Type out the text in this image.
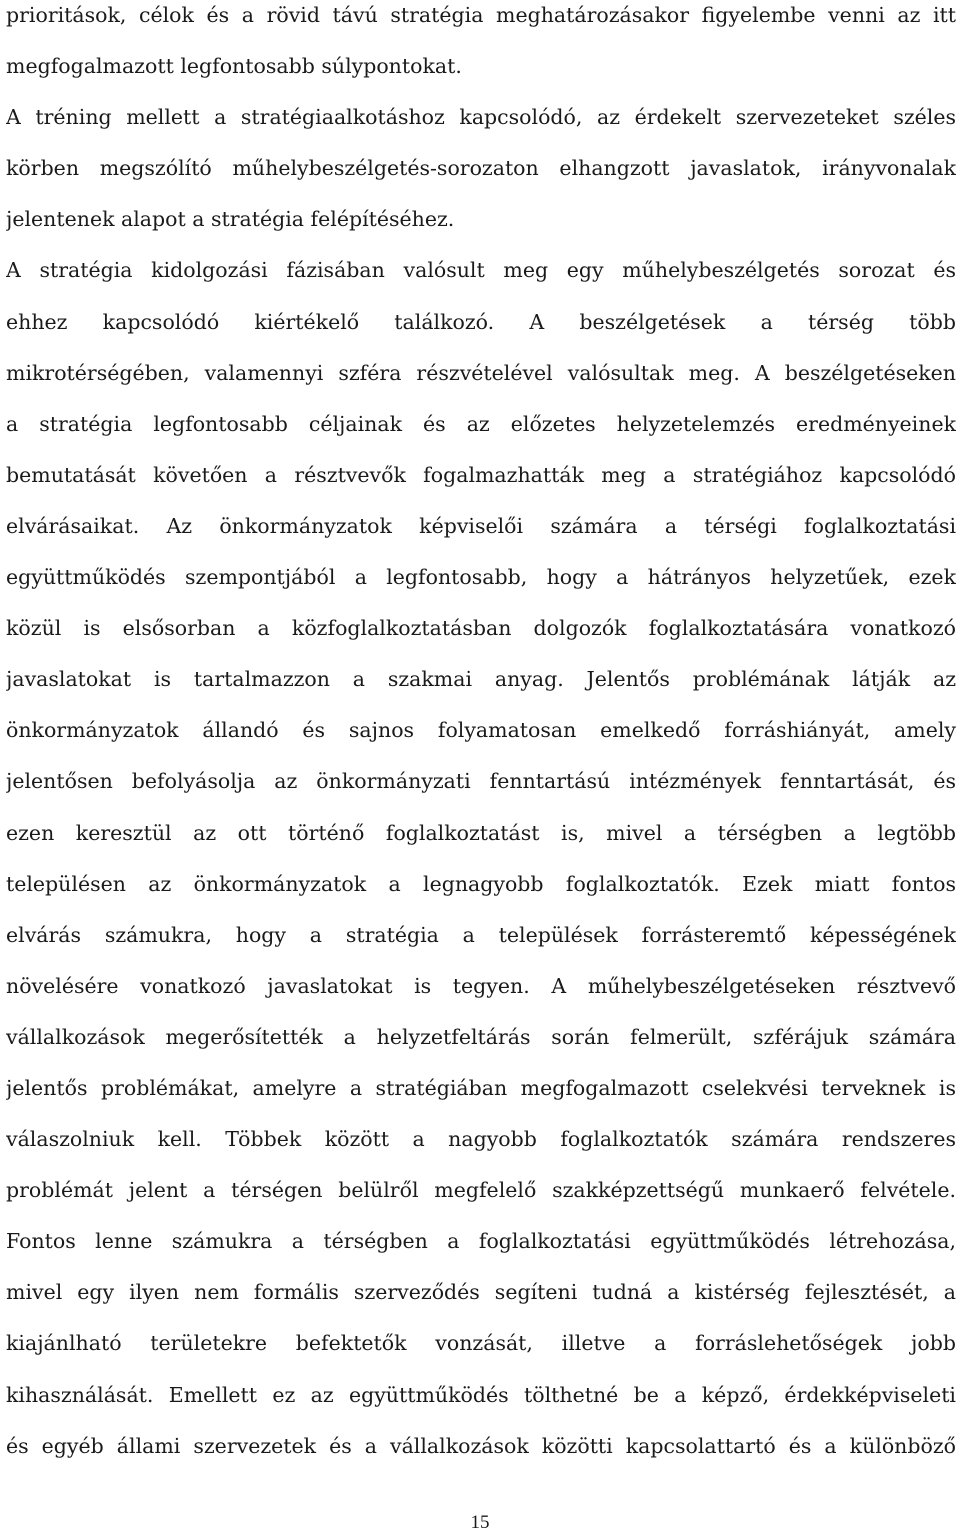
prioritások, célok és a rövid távú stratégia meghatározásakor figyelembe venni az itt
megfogalmazott legfontosabb súlypontokat.
A tréning mellett a stratégiaalkotáshoz kapcsolódó, az érdekelt szervezeteket széles
körben megszólító műhelybeszélgetés-sorozaton elhangzott javaslatok, irányvonalak
jelentenek alapot a stratégia felépítéséhez.
A stratégia kidolgozási fázisában valósult meg egy műhelybeszélgetés sorozat és
ehhez kapcsolódó kiértékelő találkozó. A beszélgetések a térség több
mikrotérségében, valamennyi szféra részvételével valósultak meg. A beszélgetéseken
a stratégia legfontosabb céljainak és az előzetes helyzetelemzés eredményeinek
bemutatását követően a résztvevők fogalmazhatták meg a stratégiához kapcsolódó
elvárásaikat. Az önkormányzatok képviselői számára a térségi foglalkoztatási
együttműködés szempontjából a legfontosabb, hogy a hátrányos helyzetűek, ezek
közül is elsősorban a közfoglalkoztatásban dolgozók foglalkoztatására vonatkozó
javaslatokat is tartalmazzon a szakmai anyag. Jelentős problémának látják az
önkormányzatok állandó és sajnos folyamatosan emelkedő forráshiányát, amely
jelentősen befolyásolja az önkormányzati fenntartású intézmények fenntartását, és
ezen keresztül az ott történő foglalkoztatást is, mivel a térségben a legtöbb
településen az önkormányzatok a legnagyobb foglalkoztatók. Ezek miatt fontos
elvárás számukra, hogy a stratégia a települések forrásteremtő képességének
növelésére vonatkozó javaslatokat is tegyen. A műhelybeszélgetéseken résztvevő
vállalkozások megerősítették a helyzetfeltárás során felmerült, szférájuk számára
jelentős problémákat, amelyre a stratégiában megfogalmazott cselekvési terveknek is
válaszolniuk kell. Többek között a nagyobb foglalkoztatók számára rendszeres
problémát jelent a térségen belülről megfelelő szakképzettségű munkaerő felvétele.
Fontos lenne számukra a térségben a foglalkoztatási együttműködés létrehozása,
mivel egy ilyen nem formális szerveződés segíteni tudná a kistérség fejlesztését, a
kiajánlható területekre befektetők vonzását, illetve a forráslehetőségek jobb
kihasználását. Emellett ez az együttműködés tölthetné be a képző, érdekképviseleti
és egyéb állami szervezetek és a vállalkozások közötti kapcsolattartó és a különböző
15
